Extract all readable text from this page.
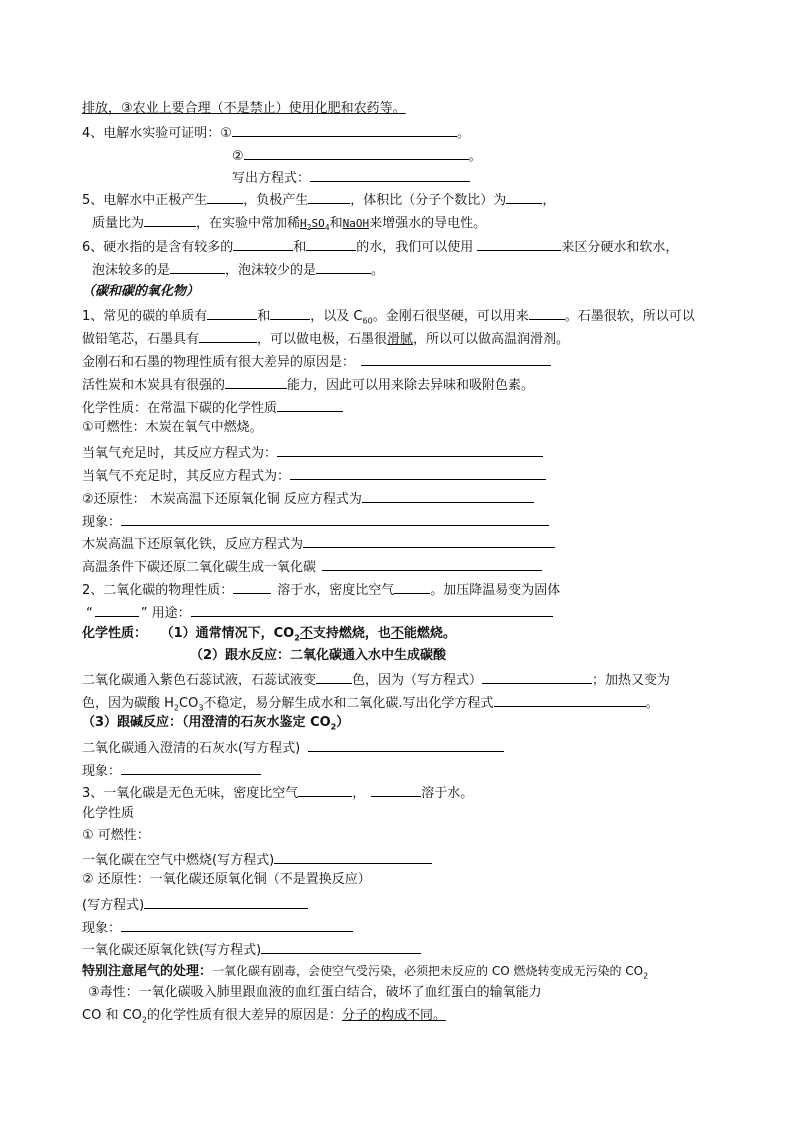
排放，③农业上要合理（不是禁止）使用化肥和农药等。
4、电解水实验可证明：①	。
②	。
写出方程式：
5、电解水中正极产生	，负极产生	，体积比（分子个数比）为	，
质量比为	，在实验中常加稀$H_2SO_4$和NaOH来增强水的导电性。
6、硬水指的是含有较多的	和	的水，我们可以使用	来区分硬水和软水，
泡沫较多的是	，泡沫较少的是	。
（碳和碳的氧化物）
1、常见的碳的单质有	和	，以及 $C_{60}$。金刚石很坚硬，可以用来	。石墨很软，所以可以
做铅笔芯，石墨具有	，可以做电极，石墨很滑腻，所以可以做高温润滑剂。
金刚石和石墨的物理性质有很大差异的原因是：
活性炭和木炭具有很强的	能力，因此可以用来除去异味和吸附色素。
化学性质：在常温下碳的化学性质
①可燃性：木炭在氧气中燃烧。
当氧气充足时，其反应方程式为：
当氧气不充足时，其反应方程式为：
②还原性： 木炭高温下还原氧化铜 反应方程式为
现象：
木炭高温下还原氧化铁，反应方程式为
高温条件下碳还原二氧化碳生成一氧化碳
2、二氧化碳的物理性质：	溶于水，密度比空气	。加压降温易变为固体
“	” 用途：
化学性质： （1）通常情况下，$CO_2$不支持燃烧，也不能燃烧。
（2）跟水反应：二氧化碳通入水中生成碳酸
二氧化碳通入紫色石蕊试液，石蕊试液变	色，因为（写方程式）	；加热又变为
色，因为碳酸 $H_2CO_3$不稳定，易分解生成水和二氧化碳.写出化学方程式	。
（3）跟碱反应：（用澄清的石灰水鉴定 $CO_2$）
二氧化碳通入澄清的石灰水(写方程式)
现象：
3、一氧化碳是无色无味，密度比空气	，	溶于水。
化学性质
① 可燃性：
一氧化碳在空气中燃烧(写方程式)
② 还原性：一氧化碳还原氧化铜（不是置换反应）
(写方程式)
现象：
一氧化碳还原氧化铁(写方程式)
特别注意尾气的处理：一氧化碳有剧毒，会使空气受污染，必须把未反应的 CO 燃烧转变成无污染的 $CO_2$
③毒性：一氧化碳吸入肺里跟血液的血红蛋白结合，破坏了血红蛋白的输氧能力
CO 和 $CO_2$的化学性质有很大差异的原因是：分子的构成不同。
